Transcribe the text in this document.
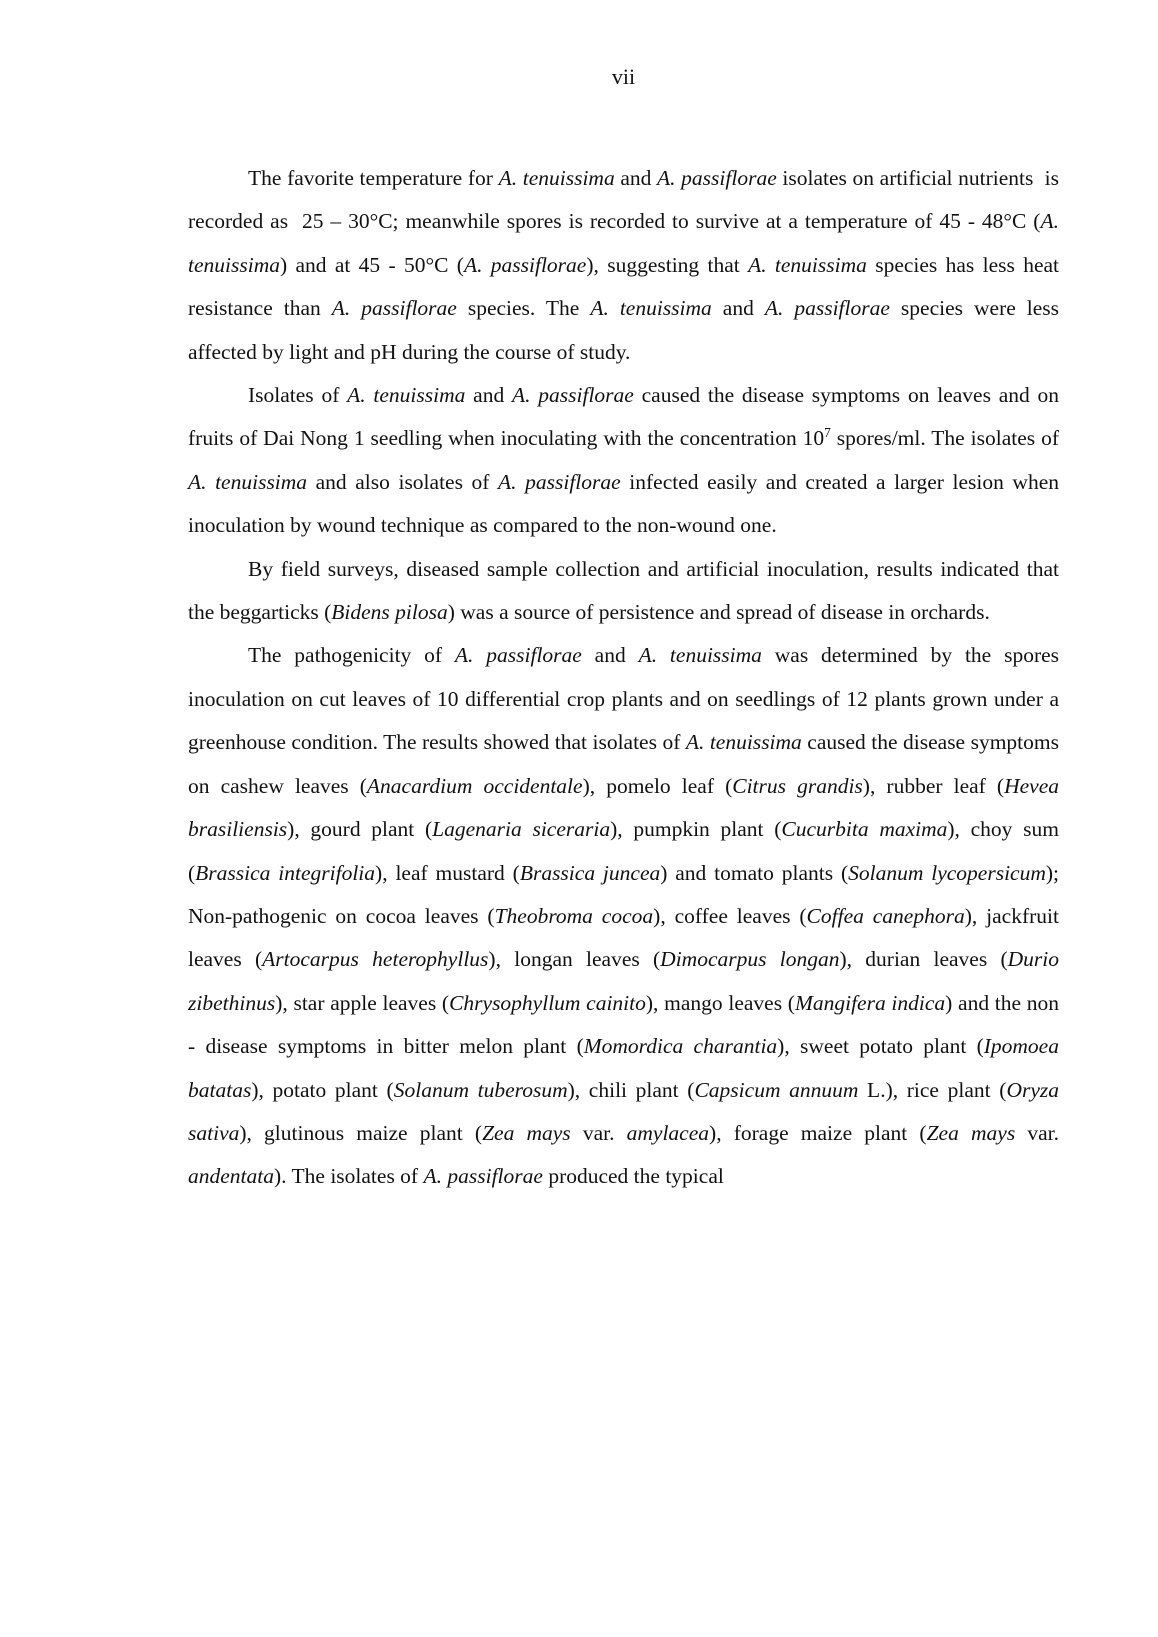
vii

The favorite temperature for A. tenuissima and A. passiflorae isolates on artificial nutrients  is recorded as  25 – 30°C; meanwhile spores is recorded to survive at a temperature of 45 - 48°C (A. tenuissima) and at 45 - 50°C (A. passiflorae), suggesting that A. tenuissima species has less heat resistance than A. passiflorae species. The A. tenuissima and A. passiflorae species were less affected by light and pH during the course of study.

Isolates of A. tenuissima and A. passiflorae caused the disease symptoms on leaves and on fruits of Dai Nong 1 seedling when inoculating with the concentration $10^7$ spores/ml. The isolates of A. tenuissima and also isolates of A. passiflorae infected easily and created a larger lesion when inoculation by wound technique as compared to the non-wound one.

By field surveys, diseased sample collection and artificial inoculation, results indicated that the beggarticks (Bidens pilosa) was a source of persistence and spread of disease in orchards.

The pathogenicity of A. passiflorae and A. tenuissima was determined by the spores inoculation on cut leaves of 10 differential crop plants and on seedlings of 12 plants grown under a greenhouse condition. The results showed that isolates of A. tenuissima caused the disease symptoms on cashew leaves (Anacardium occidentale), pomelo leaf (Citrus grandis), rubber leaf (Hevea brasiliensis), gourd plant (Lagenaria siceraria), pumpkin plant (Cucurbita maxima), choy sum (Brassica integrifolia), leaf mustard (Brassica juncea) and tomato plants (Solanum lycopersicum); Non-pathogenic on cocoa leaves (Theobroma cocoa), coffee leaves (Coffea canephora), jackfruit leaves (Artocarpus heterophyllus), longan leaves (Dimocarpus longan), durian leaves (Durio zibethinus), star apple leaves (Chrysophyllum cainito), mango leaves (Mangifera indica) and the non - disease symptoms in bitter melon plant (Momordica charantia), sweet potato plant (Ipomoea batatas), potato plant (Solanum tuberosum), chili plant (Capsicum annuum L.), rice plant (Oryza sativa), glutinous maize plant (Zea mays var. amylacea), forage maize plant (Zea mays var. andentata). The isolates of A. passiflorae produced the typical
